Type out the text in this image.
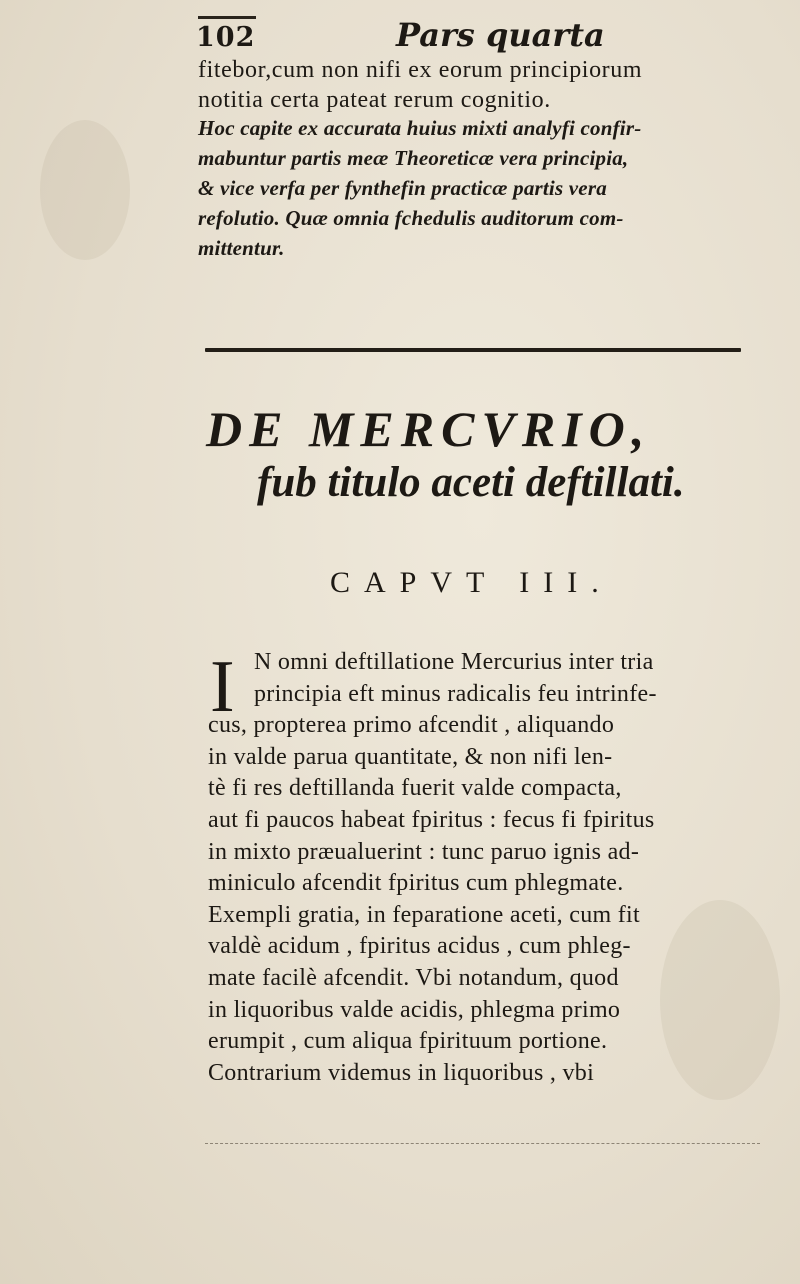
102	Pars quarta
fitebor,cum non nifi ex eorum principiorum
notitia certa pateat rerum cognitio.
Hoc capite ex accurata huius mixti analyfi confir-
mabuntur partis meæ Theoreticæ vera principia,
& vice verfa per fynthefin practicæ partis vera
refolutio. Quæ omnia fchedulis auditorum com-
mittentur.
DE MERCVRIO,
fub titulo aceti deftillati.
CAPVT III.
I N omni deftillatione Mercurius inter tria
principia eft minus radicalis feu intrinfe-
cus, propterea primo afcendit , aliquando
in valde parua quantitate, & non nifi len-
tè fi res deftillanda fuerit valde compacta,
aut fi paucos habeat fpiritus : fecus fi fpiritus
in mixto præualuerint : tunc paruo ignis ad-
miniculo afcendit fpiritus cum phlegmate.
Exempli gratia, in feparatione aceti, cum fit
valdè acidum , fpiritus acidus , cum phleg-
mate facilè afcendit. Vbi notandum, quod
in liquoribus valde acidis, phlegma primo
erumpit , cum aliqua fpirituum portione.
Contrarium videmus in liquoribus , vbi
